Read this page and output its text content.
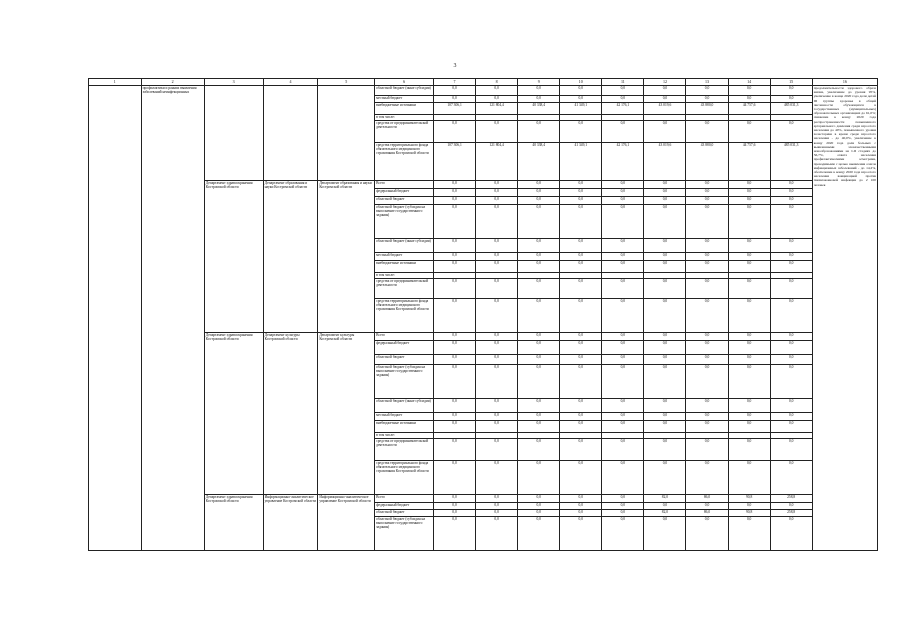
3
1	2	3	4	5	6	7	8	9	10	11	12	13	14	15	16
	профилактики и ранних выявления заболеваний неинфекционных				областной бюджет (иные субсидии)	0,0	0,0	0,0	0,0	0,0	0,0	0,0	0,0	0,0	продолжительности здорового образа жизни, увеличение до уровня 95%, увеличение в конце 2020 года доли детей III группы здоровья в общей численности обучающихся в государственных (муниципальных) образовательных организациях до 61,0%; снижение к концу 2020 года распространенности повышенного артериального давления среди взрослого населения до 40%, повышенного уровня холестерина в крови среди взрослого населения - до 40,0%, увеличение к концу 2020 года доли больных с выявленными злокачественными новообразованиями на I-II стадиях до 56,7%, охвата населения профилактическими осмотрами, проводимыми с целью выявления очагов инфекционных заболеваний - до 14,2%, обеспечение к концу 2020 года взрослого населения вакцинацией против пневмококковой инфекции до 2 100 человек
					местный бюджет	0,0	0,0	0,0	0,0	0,0	0,0	0,0	0,0	0,0	
					внебюджетные источники	107 306,1	121 804,4	40 338,4	41 349,1	42 176,1	43 019,6	43 880,0	44 757,6	485 031,3	
					в том числе:										
					средства от предпринимательской деятельности	0,0	0,0	0,0	0,0	0,0	0,0	0,0	0,0	0,0	
					средства территориального фонда обязательного медицинского страхования Костромской области	107 306,1	121 804,4	40 338,4	41 349,1	42 176,1	43 019,6	43 880,0	44 757,6	485 031,3	
		Департамент здравоохранения Костромской области	Департамент образования и науки Костромской области	Департамент образования и науки Костромской области	Всего	0,0	0,0	0,0	0,0	0,0	0,0	0,0	0,0	0,0	
					федеральный бюджет	0,0	0,0	0,0	0,0	0,0	0,0	0,0	0,0	0,0	
					областной бюджет	0,0	0,0	0,0	0,0	0,0	0,0	0,0	0,0	0,0	
					областной бюджет (субсидия на выполнение государственного задания)	0,0	0,0	0,0	0,0	0,0	0,0	0,0	0,0	0,0	
					областной бюджет (иные субсидии)	0,0	0,0	0,0	0,0	0,0	0,0	0,0	0,0	0,0	
					местный бюджет	0,0	0,0	0,0	0,0	0,0	0,0	0,0	0,0	0,0	
					внебюджетные источники	0,0	0,0	0,0	0,0	0,0	0,0	0,0	0,0	0,0	
					в том числе:										
					средства от предпринимательской деятельности	0,0	0,0	0,0	0,0	0,0	0,0	0,0	0,0	0,0	
					средства территориального фонда обязательного медицинского страхования Костромской области	0,0	0,0	0,0	0,0	0,0	0,0	0,0	0,0	0,0	
		Департамент здравоохранения Костромской области	Департамент культуры Костромской области	Департамент культуры Костромской области	Всего	0,0	0,0	0,0	0,0	0,0	0,0	0,0	0,0	0,0	
					федеральный бюджет	0,0	0,0	0,0	0,0	0,0	0,0	0,0	0,0	0,0	
					областной бюджет	0,0	0,0	0,0	0,0	0,0	0,0	0,0	0,0	0,0	
					областной бюджет (субсидия на выполнение государственного задания)	0,0	0,0	0,0	0,0	0,0	0,0	0,0	0,0	0,0	
					областной бюджет (иные субсидии)	0,0	0,0	0,0	0,0	0,0	0,0	0,0	0,0	0,0	
					местный бюджет	0,0	0,0	0,0	0,0	0,0	0,0	0,0	0,0	0,0	
					внебюджетные источники	0,0	0,0	0,0	0,0	0,0	0,0	0,0	0,0	0,0	
					в том числе:										
					средства от предпринимательской деятельности	0,0	0,0	0,0	0,0	0,0	0,0	0,0	0,0	0,0	
					средства территориального фонда обязательного медицинского страхования Костромской области	0,0	0,0	0,0	0,0	0,0	0,0	0,0	0,0	0,0	
		Департамент здравоохранения Костромской области	Информационно-аналитическое управление Костромской области	Информационно-аналитическое управление Костромской области	Всего	0,0	0,0	0,0	0,0	0,0	82,0	86,0	90,8	258,8	
					федеральный бюджет	0,0	0,0	0,0	0,0	0,0	0,0	0,0	0,0	0,0	
					областной бюджет	0,0	0,0	0,0	0,0	0,0	82,0	86,0	90,8	258,8	
					областной бюджет (субсидия на выполнение государственного задания)	0,0	0,0	0,0	0,0	0,0	0,0	0,0	0,0	0,0	
